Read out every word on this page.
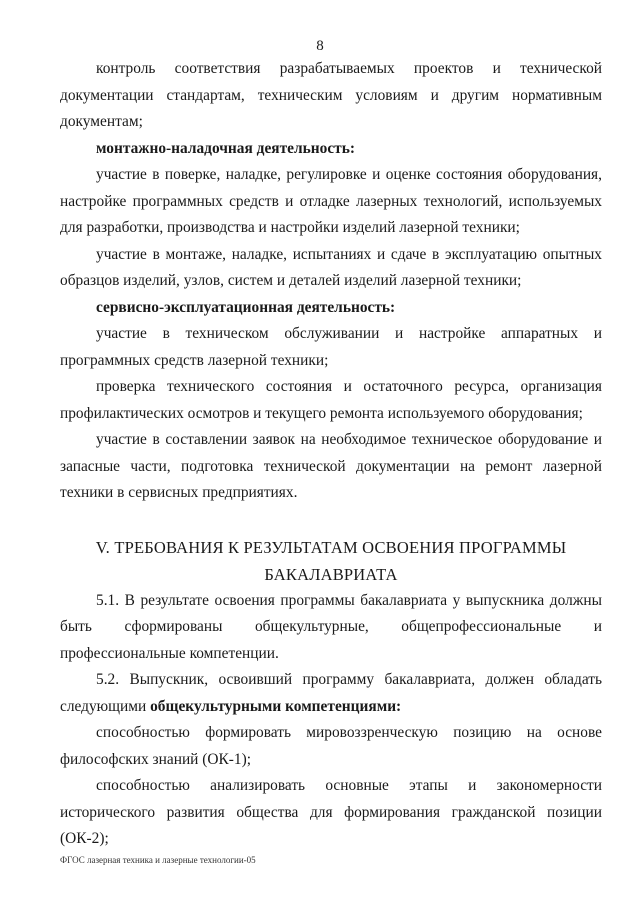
8

контроль соответствия разрабатываемых проектов и технической документации стандартам, техническим условиям и другим нормативным документам;

монтажно-наладочная деятельность:

участие в поверке, наладке, регулировке и оценке состояния оборудования, настройке программных средств и отладке лазерных технологий, используемых для разработки, производства и настройки изделий лазерной техники;

участие в монтаже, наладке, испытаниях и сдаче в эксплуатацию опытных образцов изделий, узлов, систем и деталей изделий лазерной техники;

сервисно-эксплуатационная деятельность:

участие в техническом обслуживании и настройке аппаратных и программных средств лазерной техники;

проверка технического состояния и остаточного ресурса, организация профилактических осмотров и текущего ремонта используемого оборудования;

участие в составлении заявок на необходимое техническое оборудование и запасные части, подготовка технической документации на ремонт лазерной техники в сервисных предприятиях.

V. ТРЕБОВАНИЯ К РЕЗУЛЬТАТАМ ОСВОЕНИЯ ПРОГРАММЫ

БАКАЛАВРИАТА

5.1. В результате освоения программы бакалавриата у выпускника должны быть сформированы общекультурные, общепрофессиональные и профессиональные компетенции.

5.2. Выпускник, освоивший программу бакалавриата, должен обладать следующими общекультурными компетенциями:

способностью формировать мировоззренческую позицию на основе философских знаний (ОК-1);

способностью анализировать основные этапы и закономерности исторического развития общества для формирования гражданской позиции (ОК-2);

ФГОС лазерная техника и лазерные технологии-05
